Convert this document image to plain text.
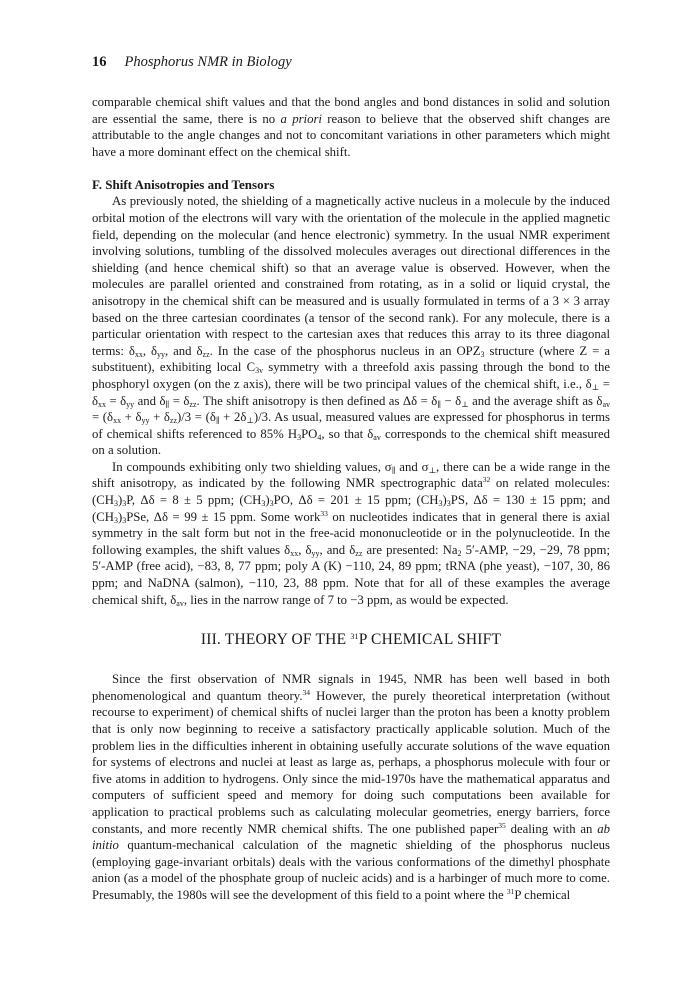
16 Phosphorus NMR in Biology

comparable chemical shift values and that the bond angles and bond distances in solid and solution are essential the same, there is no a priori reason to believe that the observed shift changes are attributable to the angle changes and not to concomitant variations in other parameters which might have a more dominant effect on the chemical shift.

F. Shift Anisotropies and Tensors

As previously noted, the shielding of a magnetically active nucleus in a molecule by the induced orbital motion of the electrons will vary with the orientation of the molecule in the applied magnetic field, depending on the molecular (and hence electronic) symmetry. In the usual NMR experiment involving solutions, tumbling of the dissolved molecules averages out directional differences in the shielding (and hence chemical shift) so that an average value is observed. However, when the molecules are parallel oriented and constrained from rotating, as in a solid or liquid crystal, the anisotropy in the chemical shift can be measured and is usually formulated in terms of a 3 × 3 array based on the three cartesian coordinates (a tensor of the second rank). For any molecule, there is a particular orientation with respect to the cartesian axes that reduces this array to its three diagonal terms: $\delta_{xx}$, $\delta_{yy}$, and $\delta_{zz}$. In the case of the phosphorus nucleus in an $OPZ_3$ structure (where Z = a substituent), exhibiting local $C_{3v}$ symmetry with a threefold axis passing through the bond to the phosphoryl oxygen (on the z axis), there will be two principal values of the chemical shift, i.e., $\delta_\perp = \delta_{xx} = \delta_{yy}$ and $\delta_\parallel = \delta_{zz}$. The shift anisotropy is then defined as $\Delta\delta = \delta_\parallel - \delta_\perp$ and the average shift as $\delta_{av} = (\delta_{xx} + \delta_{yy} + \delta_{zz})/3 = (\delta_\parallel + 2\delta_\perp)/3$. As usual, measured values are expressed for phosphorus in terms of chemical shifts referenced to 85% $H_3PO_4$, so that $\delta_{av}$ corresponds to the chemical shift measured on a solution.

In compounds exhibiting only two shielding values, $\sigma_\parallel$ and $\sigma_\perp$, there can be a wide range in the shift anisotropy, as indicated by the following NMR spectrographic data$^{32}$ on related molecules: $(CH_3)_3P$, Δδ = 8 ± 5 ppm; $(CH_3)_3PO$, Δδ = 201 ± 15 ppm; $(CH_3)_3PS$, Δδ = 130 ± 15 ppm; and $(CH_3)_3PSe$, Δδ = 99 ± 15 ppm. Some work$^{33}$ on nucleotides indicates that in general there is axial symmetry in the salt form but not in the free-acid mononucleotide or in the polynucleotide. In the following examples, the shift values $\delta_{xx}$, $\delta_{yy}$, and $\delta_{zz}$ are presented: $Na_2$ 5′-AMP, −29, −29, 78 ppm; 5′-AMP (free acid), −83, 8, 77 ppm; poly A (K) −110, 24, 89 ppm; tRNA (phe yeast), −107, 30, 86 ppm; and NaDNA (salmon), −110, 23, 88 ppm. Note that for all of these examples the average chemical shift, $\delta_{av}$, lies in the narrow range of 7 to −3 ppm, as would be expected.

III. THEORY OF THE $^{31}$P CHEMICAL SHIFT

Since the first observation of NMR signals in 1945, NMR has been well based in both phenomenological and quantum theory.$^{34}$ However, the purely theoretical interpretation (without recourse to experiment) of chemical shifts of nuclei larger than the proton has been a knotty problem that is only now beginning to receive a satisfactory practically applicable solution. Much of the problem lies in the difficulties inherent in obtaining usefully accurate solutions of the wave equation for systems of electrons and nuclei at least as large as, perhaps, a phosphorus molecule with four or five atoms in addition to hydrogens. Only since the mid-1970s have the mathematical apparatus and computers of sufficient speed and memory for doing such computations been available for application to practical problems such as calculating molecular geometries, energy barriers, force constants, and more recently NMR chemical shifts. The one published paper$^{35}$ dealing with an ab initio quantum-mechanical calculation of the magnetic shielding of the phosphorus nucleus (employing gage-invariant orbitals) deals with the various conformations of the dimethyl phosphate anion (as a model of the phosphate group of nucleic acids) and is a harbinger of much more to come. Presumably, the 1980s will see the development of this field to a point where the $^{31}$P chemical
